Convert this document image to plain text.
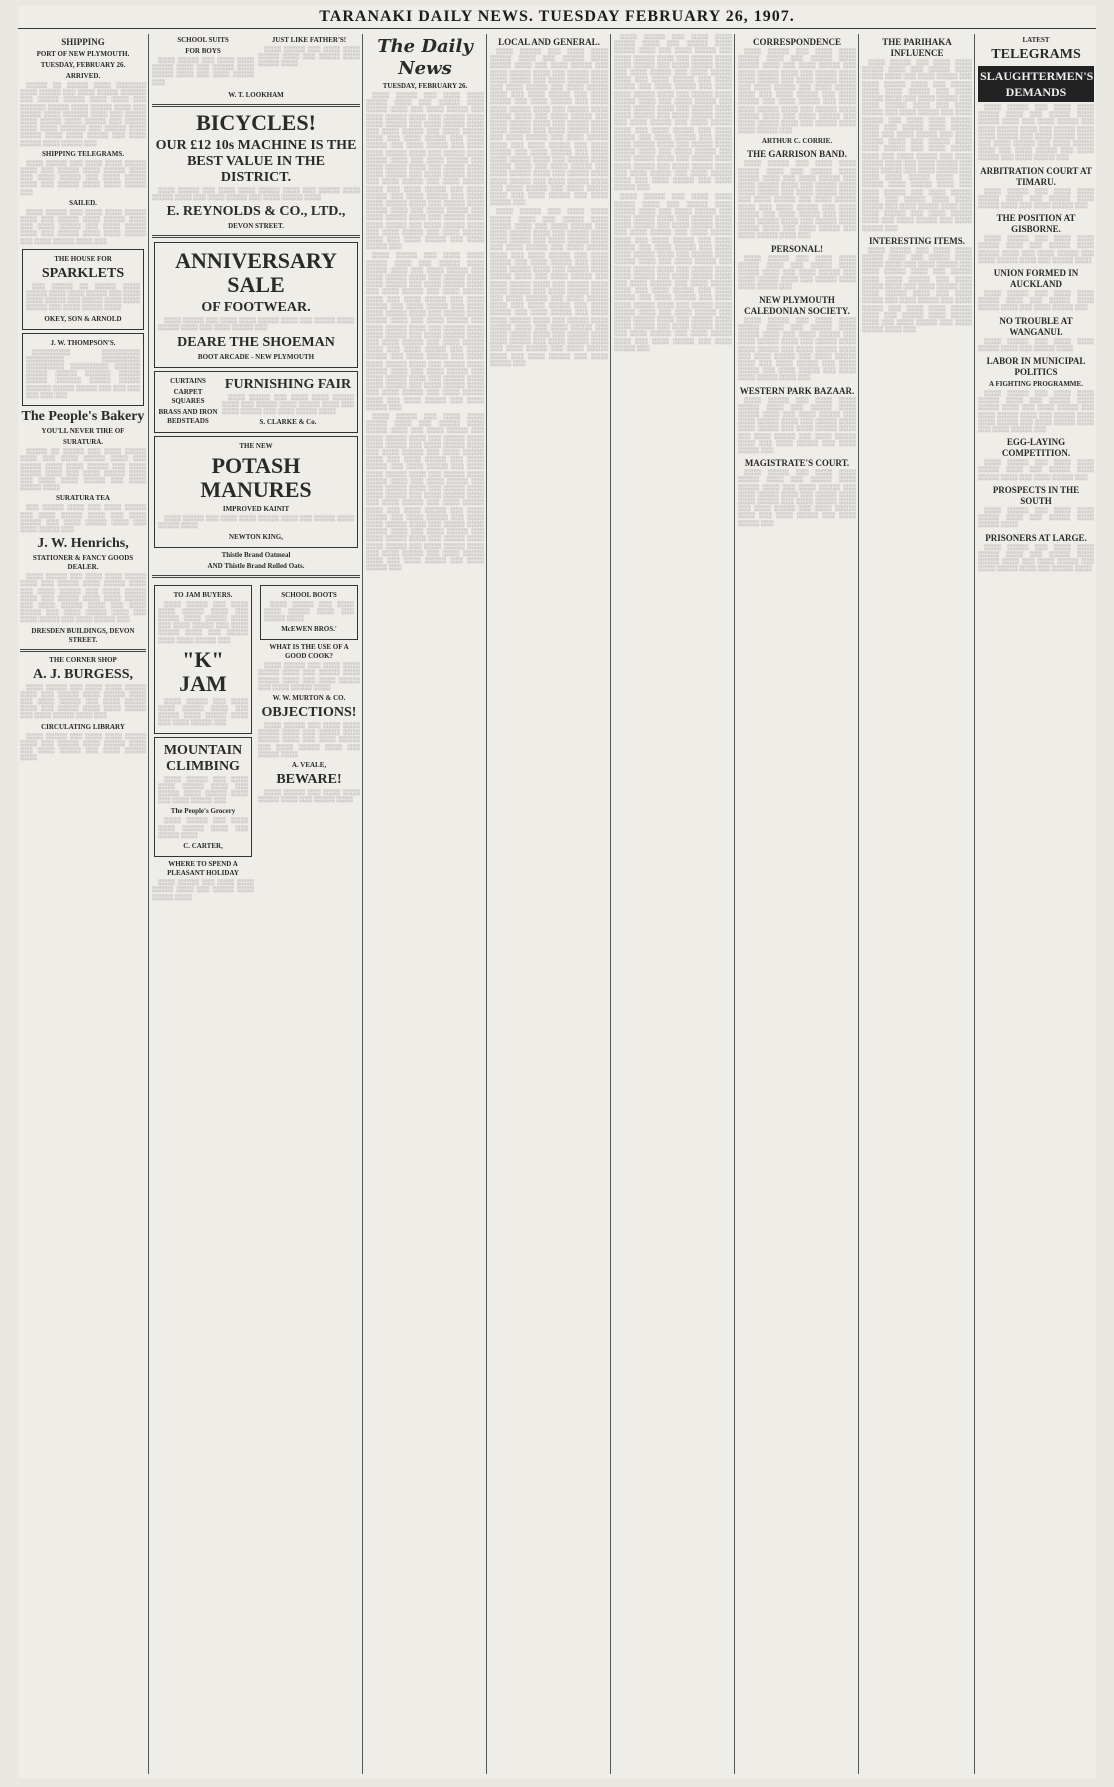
TARANAKI DAILY NEWS. TUESDAY FEBRUARY 26, 1907.
SHIPPING
PORT OF NEW PLYMOUTH.
TUESDAY, FEBRUARY 26.
ARRIVED.
░░░░░ ░░ ░░░░░ ░░░░ ░░░░░░░ ░░░░ ░░░░░ ░░░ ░░░░ ░░░░░ ░░░░░░ ░░░ ░░░░░ ░░░░░ ░░░░ ░░░░ ░░░ ░░░░░░ ░░░░░ ░░░░ ░░░░░ ░░░░ ░░░ ░░░░░ ░░░░ ░░░░░░ ░░░░ ░░░ ░░░░░ ░░░░ ░░░░░ ░░░░ ░░░░░ ░░░ ░░░░░ ░░░░ ░░░░ ░░░░░░ ░░░ ░░░░░ ░░░░ ░░░░░ ░░░░ ░░░░ ░░░░░ ░░░ ░░░░ ░░░░░ ░░░░ ░░░░░ ░░░
SHIPPING TELEGRAMS.
░░░░ ░░░░░ ░░░ ░░░░ ░░░░ ░░░░░ ░░░░ ░░░ ░░░░░ ░░░░ ░░░░░ ░░░░ ░░░ ░░░░ ░░░░░ ░░░ ░░░░ ░░░░░ ░░░░ ░░░ ░░░░░ ░░░░ ░░░░ ░░░░░ ░░░
SAILED.
░░░░ ░░░░░ ░░░ ░░░░ ░░░░ ░░░░░ ░░░░ ░░░ ░░░░░ ░░░░ ░░░░░ ░░░░ ░░░ ░░░░ ░░░░░ ░░░ ░░░░ ░░░░░ ░░░░ ░░░ ░░░░░ ░░░░ ░░░░ ░░░░░ ░░░ ░░░░ ░░░░░ ░░░░ ░░░
THE HOUSE FOR
SPARKLETS
░░░ ░░░░░ ░░ ░░░░░ ░░░░ ░░░░░ ░░░░ ░░░░ ░░░░░ ░░░ ░░░░ ░░░░ ░░░░░ ░░░ ░░░░░ ░░░░ ░░░░ ░░░░░ ░░░ ░░░░ ░░░░░ ░░░░
OKEY, SON & ARNOLD
J. W. THOMPSON'S.
░░░░░░░░░ ░░░░░░░░░ ░░░░░░░░░ ░░░░░░░░░ ░░░░░░░░░ ░░░░░░░░░ ░░░░░░ ░░░░░ ░░░░░ ░░░░░░ ░░░░░ ░░░░░ ░░░░░░ ░░░░░ ░░░░░ ░░░░░░ ░░░░░ ░░░░░ ░░░ ░░░ ░░░ ░░░ ░░░ ░░░
The People's Bakery
YOU'LL NEVER TIRE OF
SURATURA.
░░░░░ ░░ ░░░░░ ░░░ ░░░░ ░░░░░ ░░░░ ░░░ ░░░░ ░░░░░ ░░░░ ░░░ ░░░░░ ░░░░ ░░░░ ░░░░░ ░░░ ░░░░ ░░░░░ ░░░░ ░░░ ░░░░ ░░░░░ ░░░░ ░░░ ░░░░ ░░░░ ░░░░░ ░░░ ░░░░ ░░░░░ ░░░░
SURATURA TEA
░░░ ░░░░░ ░░░░ ░░░ ░░░░ ░░░░░ ░░░ ░░░░ ░░░░░ ░░░░ ░░░ ░░░░ ░░░░░ ░░░ ░░░░ ░░░░░ ░░░░ ░░░ ░░░░ ░░░░░ ░░░
J. W. Henrichs,
STATIONER & FANCY GOODS DEALER.
░░░░ ░░░░░ ░░░ ░░░░ ░░░░ ░░░░░ ░░░░ ░░░ ░░░░░ ░░░░ ░░░░░ ░░░░ ░░░ ░░░░ ░░░░░ ░░░ ░░░░ ░░░░░ ░░░░ ░░░ ░░░░░ ░░░░ ░░░░ ░░░░░ ░░░ ░░░░ ░░░░░ ░░░░ ░░░ ░░░░ ░░░░░ ░░░ ░░░░ ░░░░░ ░░░░ ░░░ ░░░░ ░░░░░ ░░░ ░░░░ ░░░░░ ░░░
DRESDEN BUILDINGS, DEVON STREET.
THE CORNER SHOP
A. J. BURGESS,
░░░░ ░░░░░ ░░░ ░░░░ ░░░░ ░░░░░ ░░░░ ░░░ ░░░░░ ░░░░ ░░░░░ ░░░░ ░░░ ░░░░ ░░░░░ ░░░ ░░░░ ░░░░░ ░░░░ ░░░ ░░░░░ ░░░░ ░░░░ ░░░░░ ░░░ ░░░░ ░░░░░ ░░░░ ░░░
CIRCULATING LIBRARY
░░░░ ░░░░░ ░░░ ░░░░ ░░░░ ░░░░░ ░░░░ ░░░ ░░░░░ ░░░░ ░░░░░ ░░░░ ░░░ ░░░░ ░░░░░ ░░░ ░░░░ ░░░░░ ░░░░
SCHOOL SUITS
FOR BOYS
░░░░ ░░░░░ ░░░ ░░░░ ░░░░ ░░░░░ ░░░░ ░░░ ░░░░░ ░░░░ ░░░░░ ░░░░ ░░░ ░░░░ ░░░░░ ░░░
JUST LIKE FATHER'S!
░░░░ ░░░░░ ░░░ ░░░░ ░░░░ ░░░░░ ░░░░ ░░░ ░░░░░ ░░░░ ░░░░░ ░░░░
W. T. LOOKHAM
BICYCLES!
OUR £12 10s MACHINE IS THE BEST VALUE IN THE DISTRICT.
░░░░ ░░░░░ ░░░ ░░░░ ░░░░ ░░░░░ ░░░░ ░░░ ░░░░░ ░░░░ ░░░░░ ░░░░ ░░░ ░░░░ ░░░░░ ░░░ ░░░░ ░░░░░ ░░░░
E. REYNOLDS & CO., LTD.,
DEVON STREET.
ANNIVERSARY SALE
OF FOOTWEAR.
░░░░ ░░░░░ ░░░ ░░░░ ░░░░ ░░░░░ ░░░░ ░░░ ░░░░░ ░░░░ ░░░░░ ░░░░ ░░░ ░░░░ ░░░░░ ░░░
DEARE THE SHOEMAN
BOOT ARCADE - NEW PLYMOUTH
CURTAINS
CARPET SQUARES
BRASS AND IRON BEDSTEADS
FURNISHING FAIR
░░░░ ░░░░░ ░░░ ░░░░ ░░░░ ░░░░░ ░░░░ ░░░ ░░░░░ ░░░░ ░░░░░ ░░░░ ░░░ ░░░░ ░░░░░ ░░░ ░░░░ ░░░░░ ░░░░
S. CLARKE & Co.
THE NEW
POTASH MANURES
IMPROVED KAINIT
░░░░ ░░░░░ ░░░ ░░░░ ░░░░ ░░░░░ ░░░░ ░░░ ░░░░░ ░░░░ ░░░░░ ░░░░
NEWTON KING,
Thistle Brand Oatmeal
AND Thistle Brand Rolled Oats.
TO JAM BUYERS.
░░░░ ░░░░░ ░░░ ░░░░ ░░░░ ░░░░░ ░░░░ ░░░ ░░░░░ ░░░░ ░░░░░ ░░░░ ░░░ ░░░░ ░░░░░ ░░░ ░░░░ ░░░░░ ░░░░ ░░░ ░░░░░ ░░░░ ░░░░ ░░░░░ ░░░
"K" JAM
░░░░ ░░░░░ ░░░ ░░░░ ░░░░ ░░░░░ ░░░░ ░░░ ░░░░░ ░░░░ ░░░░░ ░░░░ ░░░ ░░░░ ░░░░░ ░░░
MOUNTAIN CLIMBING
░░░░ ░░░░░ ░░░ ░░░░ ░░░░ ░░░░░ ░░░░ ░░░ ░░░░░ ░░░░ ░░░░░ ░░░░ ░░░ ░░░░ ░░░░░ ░░░
The People's Grocery
░░░░ ░░░░░ ░░░ ░░░░ ░░░░ ░░░░░ ░░░░ ░░░ ░░░░░ ░░░░
C. CARTER,
WHERE TO SPEND A PLEASANT HOLIDAY
░░░░ ░░░░░ ░░░ ░░░░ ░░░░ ░░░░░ ░░░░ ░░░ ░░░░░ ░░░░ ░░░░░ ░░░░
SCHOOL BOOTS
░░░░ ░░░░░ ░░░ ░░░░ ░░░░ ░░░░░ ░░░░ ░░░ ░░░░░ ░░░░
McEWEN BROS.'
WHAT IS THE USE OF A GOOD COOK?
░░░░ ░░░░░ ░░░ ░░░░ ░░░░ ░░░░░ ░░░░ ░░░ ░░░░░ ░░░░ ░░░░░ ░░░░ ░░░ ░░░░ ░░░░░ ░░░ ░░░░ ░░░░░ ░░░░
W. W. MURTON & CO.
OBJECTIONS!
░░░░ ░░░░░ ░░░ ░░░░ ░░░░ ░░░░░ ░░░░ ░░░ ░░░░░ ░░░░ ░░░░░ ░░░░ ░░░ ░░░░ ░░░░░ ░░░ ░░░░ ░░░░░ ░░░░ ░░░ ░░░░░ ░░░░
A. VEALE,
BEWARE!
░░░░ ░░░░░ ░░░ ░░░░ ░░░░ ░░░░░ ░░░░ ░░░ ░░░░░ ░░░░
The Daily News
TUESDAY, FEBRUARY 26.
░░░░ ░░░░░ ░░░ ░░░░ ░░░░ ░░░░░ ░░░░ ░░░ ░░░░░ ░░░░ ░░░░░ ░░░░ ░░░ ░░░░ ░░░░░ ░░░ ░░░░ ░░░░░ ░░░░ ░░░ ░░░░░ ░░░░ ░░░░ ░░░░░ ░░░ ░░░░ ░░░░░ ░░░░ ░░░ ░░░░ ░░░░░ ░░░ ░░░░ ░░░░░ ░░░░ ░░░ ░░░░ ░░░░░ ░░░ ░░░░ ░░░░░ ░░░ ░░░░ ░░░░░ ░░░ ░░░░ ░░░░ ░░░░░ ░░░░ ░░░ ░░░░░ ░░░░ ░░░░░ ░░░░ ░░░ ░░░░ ░░░░░ ░░░ ░░░░ ░░░░░ ░░░░ ░░░ ░░░░░ ░░░░ ░░░░ ░░░░░ ░░░ ░░░░ ░░░░░ ░░░░ ░░░ ░░░░ ░░░░░ ░░░ ░░░░ ░░░░░ ░░░░ ░░░ ░░░░ ░░░░░ ░░░ ░░░░ ░░░░░ ░░░ ░░░░ ░░░░░ ░░░ ░░░░ ░░░░ ░░░░░ ░░░░ ░░░ ░░░░░ ░░░░ ░░░░░ ░░░░ ░░░ ░░░░ ░░░░░ ░░░ ░░░░ ░░░░░ ░░░░ ░░░ ░░░░░ ░░░░ ░░░░ ░░░░░ ░░░ ░░░░ ░░░░░ ░░░░ ░░░ ░░░░ ░░░░░ ░░░ ░░░░ ░░░░░ ░░░░ ░░░ ░░░░ ░░░░░ ░░░ ░░░░ ░░░░░ ░░░
░░░░ ░░░░░ ░░░ ░░░░ ░░░░ ░░░░░ ░░░░ ░░░ ░░░░░ ░░░░ ░░░░░ ░░░░ ░░░ ░░░░ ░░░░░ ░░░ ░░░░ ░░░░░ ░░░░ ░░░ ░░░░░ ░░░░ ░░░░ ░░░░░ ░░░ ░░░░ ░░░░░ ░░░░ ░░░ ░░░░ ░░░░░ ░░░ ░░░░ ░░░░░ ░░░░ ░░░ ░░░░ ░░░░░ ░░░ ░░░░ ░░░░░ ░░░ ░░░░ ░░░░░ ░░░ ░░░░ ░░░░ ░░░░░ ░░░░ ░░░ ░░░░░ ░░░░ ░░░░░ ░░░░ ░░░ ░░░░ ░░░░░ ░░░ ░░░░ ░░░░░ ░░░░ ░░░ ░░░░░ ░░░░ ░░░░ ░░░░░ ░░░ ░░░░ ░░░░░ ░░░░ ░░░ ░░░░ ░░░░░ ░░░ ░░░░ ░░░░░ ░░░░ ░░░ ░░░░ ░░░░░ ░░░ ░░░░ ░░░░░ ░░░ ░░░░ ░░░░░ ░░░ ░░░░ ░░░░ ░░░░░ ░░░░ ░░░ ░░░░░ ░░░░ ░░░░░ ░░░░ ░░░ ░░░░ ░░░░░ ░░░ ░░░░ ░░░░░ ░░░░ ░░░ ░░░░░ ░░░░ ░░░░ ░░░░░ ░░░ ░░░░ ░░░░░ ░░░░ ░░░ ░░░░ ░░░░░ ░░░ ░░░░ ░░░░░ ░░░░ ░░░ ░░░░ ░░░░░ ░░░ ░░░░ ░░░░░ ░░░
░░░░ ░░░░░ ░░░ ░░░░ ░░░░ ░░░░░ ░░░░ ░░░ ░░░░░ ░░░░ ░░░░░ ░░░░ ░░░ ░░░░ ░░░░░ ░░░ ░░░░ ░░░░░ ░░░░ ░░░ ░░░░░ ░░░░ ░░░░ ░░░░░ ░░░ ░░░░ ░░░░░ ░░░░ ░░░ ░░░░ ░░░░░ ░░░ ░░░░ ░░░░░ ░░░░ ░░░ ░░░░ ░░░░░ ░░░ ░░░░ ░░░░░ ░░░ ░░░░ ░░░░░ ░░░ ░░░░ ░░░░ ░░░░░ ░░░░ ░░░ ░░░░░ ░░░░ ░░░░░ ░░░░ ░░░ ░░░░ ░░░░░ ░░░ ░░░░ ░░░░░ ░░░░ ░░░ ░░░░░ ░░░░ ░░░░ ░░░░░ ░░░ ░░░░ ░░░░░ ░░░░ ░░░ ░░░░ ░░░░░ ░░░ ░░░░ ░░░░░ ░░░░ ░░░ ░░░░ ░░░░░ ░░░ ░░░░ ░░░░░ ░░░ ░░░░ ░░░░░ ░░░ ░░░░ ░░░░ ░░░░░ ░░░░ ░░░ ░░░░░ ░░░░ ░░░░░ ░░░░ ░░░ ░░░░ ░░░░░ ░░░ ░░░░ ░░░░░ ░░░░ ░░░ ░░░░░ ░░░░ ░░░░ ░░░░░ ░░░ ░░░░ ░░░░░ ░░░░ ░░░ ░░░░ ░░░░░ ░░░ ░░░░ ░░░░░ ░░░░ ░░░ ░░░░ ░░░░░ ░░░ ░░░░ ░░░░░ ░░░
LOCAL AND GENERAL.
░░░░ ░░░░░ ░░░ ░░░░ ░░░░ ░░░░░ ░░░░ ░░░ ░░░░░ ░░░░ ░░░░░ ░░░░ ░░░ ░░░░ ░░░░░ ░░░ ░░░░ ░░░░░ ░░░░ ░░░ ░░░░░ ░░░░ ░░░░ ░░░░░ ░░░ ░░░░ ░░░░░ ░░░░ ░░░ ░░░░ ░░░░░ ░░░ ░░░░ ░░░░░ ░░░░ ░░░ ░░░░ ░░░░░ ░░░ ░░░░ ░░░░░ ░░░ ░░░░ ░░░░░ ░░░ ░░░░ ░░░░ ░░░░░ ░░░░ ░░░ ░░░░░ ░░░░ ░░░░░ ░░░░ ░░░ ░░░░ ░░░░░ ░░░ ░░░░ ░░░░░ ░░░░ ░░░ ░░░░░ ░░░░ ░░░░ ░░░░░ ░░░ ░░░░ ░░░░░ ░░░░ ░░░ ░░░░ ░░░░░ ░░░ ░░░░ ░░░░░ ░░░░ ░░░ ░░░░ ░░░░░ ░░░ ░░░░ ░░░░░ ░░░ ░░░░ ░░░░░ ░░░ ░░░░ ░░░░ ░░░░░ ░░░░ ░░░ ░░░░░ ░░░░ ░░░░░ ░░░░ ░░░ ░░░░ ░░░░░ ░░░ ░░░░ ░░░░░ ░░░░ ░░░ ░░░░░ ░░░░ ░░░░ ░░░░░ ░░░ ░░░░ ░░░░░ ░░░░ ░░░ ░░░░ ░░░░░ ░░░ ░░░░ ░░░░░ ░░░░ ░░░ ░░░░ ░░░░░ ░░░ ░░░░ ░░░░░ ░░░
░░░░ ░░░░░ ░░░ ░░░░ ░░░░ ░░░░░ ░░░░ ░░░ ░░░░░ ░░░░ ░░░░░ ░░░░ ░░░ ░░░░ ░░░░░ ░░░ ░░░░ ░░░░░ ░░░░ ░░░ ░░░░░ ░░░░ ░░░░ ░░░░░ ░░░ ░░░░ ░░░░░ ░░░░ ░░░ ░░░░ ░░░░░ ░░░ ░░░░ ░░░░░ ░░░░ ░░░ ░░░░ ░░░░░ ░░░ ░░░░ ░░░░░ ░░░ ░░░░ ░░░░░ ░░░ ░░░░ ░░░░ ░░░░░ ░░░░ ░░░ ░░░░░ ░░░░ ░░░░░ ░░░░ ░░░ ░░░░ ░░░░░ ░░░ ░░░░ ░░░░░ ░░░░ ░░░ ░░░░░ ░░░░ ░░░░ ░░░░░ ░░░ ░░░░ ░░░░░ ░░░░ ░░░ ░░░░ ░░░░░ ░░░ ░░░░ ░░░░░ ░░░░ ░░░ ░░░░ ░░░░░ ░░░ ░░░░ ░░░░░ ░░░ ░░░░ ░░░░░ ░░░ ░░░░ ░░░░ ░░░░░ ░░░░ ░░░ ░░░░░ ░░░░ ░░░░░ ░░░░ ░░░ ░░░░ ░░░░░ ░░░ ░░░░ ░░░░░ ░░░░ ░░░ ░░░░░ ░░░░ ░░░░ ░░░░░ ░░░ ░░░░ ░░░░░ ░░░░ ░░░ ░░░░ ░░░░░ ░░░ ░░░░ ░░░░░ ░░░░ ░░░ ░░░░ ░░░░░ ░░░ ░░░░ ░░░░░ ░░░
░░░░ ░░░░░ ░░░ ░░░░ ░░░░ ░░░░░ ░░░░ ░░░ ░░░░░ ░░░░ ░░░░░ ░░░░ ░░░ ░░░░ ░░░░░ ░░░ ░░░░ ░░░░░ ░░░░ ░░░ ░░░░░ ░░░░ ░░░░ ░░░░░ ░░░ ░░░░ ░░░░░ ░░░░ ░░░ ░░░░ ░░░░░ ░░░ ░░░░ ░░░░░ ░░░░ ░░░ ░░░░ ░░░░░ ░░░ ░░░░ ░░░░░ ░░░ ░░░░ ░░░░░ ░░░ ░░░░ ░░░░ ░░░░░ ░░░░ ░░░ ░░░░░ ░░░░ ░░░░░ ░░░░ ░░░ ░░░░ ░░░░░ ░░░ ░░░░ ░░░░░ ░░░░ ░░░ ░░░░░ ░░░░ ░░░░ ░░░░░ ░░░ ░░░░ ░░░░░ ░░░░ ░░░ ░░░░ ░░░░░ ░░░ ░░░░ ░░░░░ ░░░░ ░░░ ░░░░ ░░░░░ ░░░ ░░░░ ░░░░░ ░░░ ░░░░ ░░░░░ ░░░ ░░░░ ░░░░ ░░░░░ ░░░░ ░░░ ░░░░░ ░░░░ ░░░░░ ░░░░ ░░░ ░░░░ ░░░░░ ░░░ ░░░░ ░░░░░ ░░░░ ░░░ ░░░░░ ░░░░ ░░░░ ░░░░░ ░░░ ░░░░ ░░░░░ ░░░░ ░░░ ░░░░ ░░░░░ ░░░ ░░░░ ░░░░░ ░░░░ ░░░ ░░░░ ░░░░░ ░░░ ░░░░ ░░░░░ ░░░
░░░░ ░░░░░ ░░░ ░░░░ ░░░░ ░░░░░ ░░░░ ░░░ ░░░░░ ░░░░ ░░░░░ ░░░░ ░░░ ░░░░ ░░░░░ ░░░ ░░░░ ░░░░░ ░░░░ ░░░ ░░░░░ ░░░░ ░░░░ ░░░░░ ░░░ ░░░░ ░░░░░ ░░░░ ░░░ ░░░░ ░░░░░ ░░░ ░░░░ ░░░░░ ░░░░ ░░░ ░░░░ ░░░░░ ░░░ ░░░░ ░░░░░ ░░░ ░░░░ ░░░░░ ░░░ ░░░░ ░░░░ ░░░░░ ░░░░ ░░░ ░░░░░ ░░░░ ░░░░░ ░░░░ ░░░ ░░░░ ░░░░░ ░░░ ░░░░ ░░░░░ ░░░░ ░░░ ░░░░░ ░░░░ ░░░░ ░░░░░ ░░░ ░░░░ ░░░░░ ░░░░ ░░░ ░░░░ ░░░░░ ░░░ ░░░░ ░░░░░ ░░░░ ░░░ ░░░░ ░░░░░ ░░░ ░░░░ ░░░░░ ░░░ ░░░░ ░░░░░ ░░░ ░░░░ ░░░░ ░░░░░ ░░░░ ░░░ ░░░░░ ░░░░ ░░░░░ ░░░░ ░░░ ░░░░ ░░░░░ ░░░ ░░░░ ░░░░░ ░░░░ ░░░ ░░░░░ ░░░░ ░░░░ ░░░░░ ░░░ ░░░░ ░░░░░ ░░░░ ░░░ ░░░░ ░░░░░ ░░░ ░░░░ ░░░░░ ░░░░ ░░░ ░░░░ ░░░░░ ░░░ ░░░░ ░░░░░ ░░░
CORRESPONDENCE
░░░░ ░░░░░ ░░░ ░░░░ ░░░░ ░░░░░ ░░░░ ░░░ ░░░░░ ░░░░ ░░░░░ ░░░░ ░░░ ░░░░ ░░░░░ ░░░ ░░░░ ░░░░░ ░░░░ ░░░ ░░░░░ ░░░░ ░░░░ ░░░░░ ░░░ ░░░░ ░░░░░ ░░░░ ░░░ ░░░░ ░░░░░ ░░░ ░░░░ ░░░░░ ░░░░ ░░░ ░░░░ ░░░░░ ░░░ ░░░░ ░░░░░ ░░░ ░░░░ ░░░░░ ░░░ ░░░░ ░░░░ ░░░░░ ░░░░ ░░░ ░░░░░ ░░░░ ░░░░░ ░░░░ ░░░ ░░░░ ░░░░░ ░░░ ░░░░ ░░░░░ ░░░░ ░░░ ░░░░░ ░░░░ ░░░░ ░░░░░ ░░░
ARTHUR C. CORRIE.
THE GARRISON BAND.
░░░░ ░░░░░ ░░░ ░░░░ ░░░░ ░░░░░ ░░░░ ░░░ ░░░░░ ░░░░ ░░░░░ ░░░░ ░░░ ░░░░ ░░░░░ ░░░ ░░░░ ░░░░░ ░░░░ ░░░ ░░░░░ ░░░░ ░░░░ ░░░░░ ░░░ ░░░░ ░░░░░ ░░░░ ░░░ ░░░░ ░░░░░ ░░░ ░░░░ ░░░░░ ░░░░ ░░░ ░░░░ ░░░░░ ░░░ ░░░░ ░░░░░ ░░░ ░░░░ ░░░░░ ░░░ ░░░░ ░░░░ ░░░░░ ░░░░ ░░░ ░░░░░ ░░░░ ░░░░░ ░░░░ ░░░ ░░░░ ░░░░░ ░░░ ░░░░ ░░░░░ ░░░░ ░░░
PERSONAL!
░░░░ ░░░░░ ░░░ ░░░░ ░░░░ ░░░░░ ░░░░ ░░░ ░░░░░ ░░░░ ░░░░░ ░░░░ ░░░ ░░░░ ░░░░░ ░░░ ░░░░ ░░░░░ ░░░░ ░░░ ░░░░░ ░░░░ ░░░░ ░░░░░ ░░░
NEW PLYMOUTH CALEDONIAN SOCIETY.
░░░░ ░░░░░ ░░░ ░░░░ ░░░░ ░░░░░ ░░░░ ░░░ ░░░░░ ░░░░ ░░░░░ ░░░░ ░░░ ░░░░ ░░░░░ ░░░ ░░░░ ░░░░░ ░░░░ ░░░ ░░░░░ ░░░░ ░░░░ ░░░░░ ░░░ ░░░░ ░░░░░ ░░░░ ░░░ ░░░░ ░░░░░ ░░░ ░░░░ ░░░░░ ░░░░ ░░░ ░░░░ ░░░░░ ░░░ ░░░░ ░░░░░ ░░░ ░░░░ ░░░░░ ░░░ ░░░░ ░░░░ ░░░░░ ░░░░ ░░░
WESTERN PARK BAZAAR.
░░░░ ░░░░░ ░░░ ░░░░ ░░░░ ░░░░░ ░░░░ ░░░ ░░░░░ ░░░░ ░░░░░ ░░░░ ░░░ ░░░░ ░░░░░ ░░░ ░░░░ ░░░░░ ░░░░ ░░░ ░░░░░ ░░░░ ░░░░ ░░░░░ ░░░ ░░░░ ░░░░░ ░░░░ ░░░ ░░░░ ░░░░░ ░░░ ░░░░ ░░░░░ ░░░░ ░░░ ░░░░ ░░░░░ ░░░ ░░░░ ░░░░░ ░░░
MAGISTRATE'S COURT.
░░░░ ░░░░░ ░░░ ░░░░ ░░░░ ░░░░░ ░░░░ ░░░ ░░░░░ ░░░░ ░░░░░ ░░░░ ░░░ ░░░░ ░░░░░ ░░░ ░░░░ ░░░░░ ░░░░ ░░░ ░░░░░ ░░░░ ░░░░ ░░░░░ ░░░ ░░░░ ░░░░░ ░░░░ ░░░ ░░░░ ░░░░░ ░░░ ░░░░ ░░░░░ ░░░░ ░░░ ░░░░ ░░░░░ ░░░ ░░░░ ░░░░░ ░░░
THE PARIHAKA INFLUENCE
░░░░ ░░░░░ ░░░ ░░░░ ░░░░ ░░░░░ ░░░░ ░░░ ░░░░░ ░░░░ ░░░░░ ░░░░ ░░░ ░░░░ ░░░░░ ░░░ ░░░░ ░░░░░ ░░░░ ░░░ ░░░░░ ░░░░ ░░░░ ░░░░░ ░░░ ░░░░ ░░░░░ ░░░░ ░░░ ░░░░ ░░░░░ ░░░ ░░░░ ░░░░░ ░░░░ ░░░ ░░░░ ░░░░░ ░░░ ░░░░ ░░░░░ ░░░ ░░░░ ░░░░░ ░░░ ░░░░ ░░░░ ░░░░░ ░░░░ ░░░ ░░░░░ ░░░░ ░░░░░ ░░░░ ░░░ ░░░░ ░░░░░ ░░░ ░░░░ ░░░░░ ░░░░ ░░░ ░░░░░ ░░░░ ░░░░ ░░░░░ ░░░ ░░░░ ░░░░░ ░░░░ ░░░ ░░░░ ░░░░░ ░░░ ░░░░ ░░░░░ ░░░░ ░░░ ░░░░ ░░░░░ ░░░ ░░░░ ░░░░░ ░░░ ░░░░ ░░░░░ ░░░ ░░░░ ░░░░ ░░░░░ ░░░░ ░░░ ░░░░░ ░░░░ ░░░░░ ░░░░ ░░░ ░░░░ ░░░░░ ░░░ ░░░░ ░░░░░ ░░░░ ░░░ ░░░░░ ░░░░ ░░░░ ░░░░░ ░░░ ░░░░ ░░░░░ ░░░░ ░░░ ░░░░ ░░░░░ ░░░ ░░░░ ░░░░░ ░░░░ ░░░ ░░░░ ░░░░░ ░░░ ░░░░ ░░░░░ ░░░
INTERESTING ITEMS.
░░░░ ░░░░░ ░░░ ░░░░ ░░░░ ░░░░░ ░░░░ ░░░ ░░░░░ ░░░░ ░░░░░ ░░░░ ░░░ ░░░░ ░░░░░ ░░░ ░░░░ ░░░░░ ░░░░ ░░░ ░░░░░ ░░░░ ░░░░ ░░░░░ ░░░ ░░░░ ░░░░░ ░░░░ ░░░ ░░░░ ░░░░░ ░░░ ░░░░ ░░░░░ ░░░░ ░░░ ░░░░ ░░░░░ ░░░ ░░░░ ░░░░░ ░░░ ░░░░ ░░░░░ ░░░ ░░░░ ░░░░ ░░░░░ ░░░░ ░░░ ░░░░░ ░░░░ ░░░░░ ░░░░ ░░░ ░░░░ ░░░░░ ░░░ ░░░░ ░░░░░ ░░░░ ░░░
LATEST
TELEGRAMS
SLAUGHTERMEN'S DEMANDS
░░░░ ░░░░░ ░░░ ░░░░ ░░░░ ░░░░░ ░░░░ ░░░ ░░░░░ ░░░░ ░░░░░ ░░░░ ░░░ ░░░░ ░░░░░ ░░░ ░░░░ ░░░░░ ░░░░ ░░░ ░░░░░ ░░░░ ░░░░ ░░░░░ ░░░ ░░░░ ░░░░░ ░░░░ ░░░ ░░░░ ░░░░░ ░░░ ░░░░ ░░░░░ ░░░░ ░░░ ░░░░ ░░░░░ ░░░ ░░░░ ░░░░░ ░░░ ░░░░ ░░░░░ ░░░
ARBITRATION COURT AT TIMARU.
░░░░ ░░░░░ ░░░ ░░░░ ░░░░ ░░░░░ ░░░░ ░░░ ░░░░░ ░░░░ ░░░░░ ░░░░ ░░░ ░░░░ ░░░░░ ░░░
THE POSITION AT GISBORNE.
░░░░ ░░░░░ ░░░ ░░░░ ░░░░ ░░░░░ ░░░░ ░░░ ░░░░░ ░░░░ ░░░░░ ░░░░ ░░░ ░░░░ ░░░░░ ░░░ ░░░░ ░░░░░ ░░░░ ░░░ ░░░░░ ░░░░
UNION FORMED IN AUCKLAND
░░░░ ░░░░░ ░░░ ░░░░ ░░░░ ░░░░░ ░░░░ ░░░ ░░░░░ ░░░░ ░░░░░ ░░░░ ░░░ ░░░░ ░░░░░ ░░░
NO TROUBLE AT WANGANUI.
░░░░ ░░░░░ ░░░ ░░░░ ░░░░ ░░░░░ ░░░░ ░░░ ░░░░░ ░░░░
LABOR IN MUNICIPAL POLITICS
A FIGHTING PROGRAMME.
░░░░ ░░░░░ ░░░ ░░░░ ░░░░ ░░░░░ ░░░░ ░░░ ░░░░░ ░░░░ ░░░░░ ░░░░ ░░░ ░░░░ ░░░░░ ░░░ ░░░░ ░░░░░ ░░░░ ░░░ ░░░░░ ░░░░ ░░░░ ░░░░░ ░░░ ░░░░ ░░░░░ ░░░░ ░░░ ░░░░ ░░░░░ ░░░
EGG-LAYING COMPETITION.
░░░░ ░░░░░ ░░░ ░░░░ ░░░░ ░░░░░ ░░░░ ░░░ ░░░░░ ░░░░ ░░░░░ ░░░░ ░░░ ░░░░ ░░░░░ ░░░
PROSPECTS IN THE SOUTH
░░░░ ░░░░░ ░░░ ░░░░ ░░░░ ░░░░░ ░░░░ ░░░ ░░░░░ ░░░░ ░░░░░ ░░░░
PRISONERS AT LARGE.
░░░░ ░░░░░ ░░░ ░░░░ ░░░░ ░░░░░ ░░░░ ░░░ ░░░░░ ░░░░ ░░░░░ ░░░░ ░░░ ░░░░ ░░░░░ ░░░ ░░░░ ░░░░░ ░░░░ ░░░ ░░░░░ ░░░░
